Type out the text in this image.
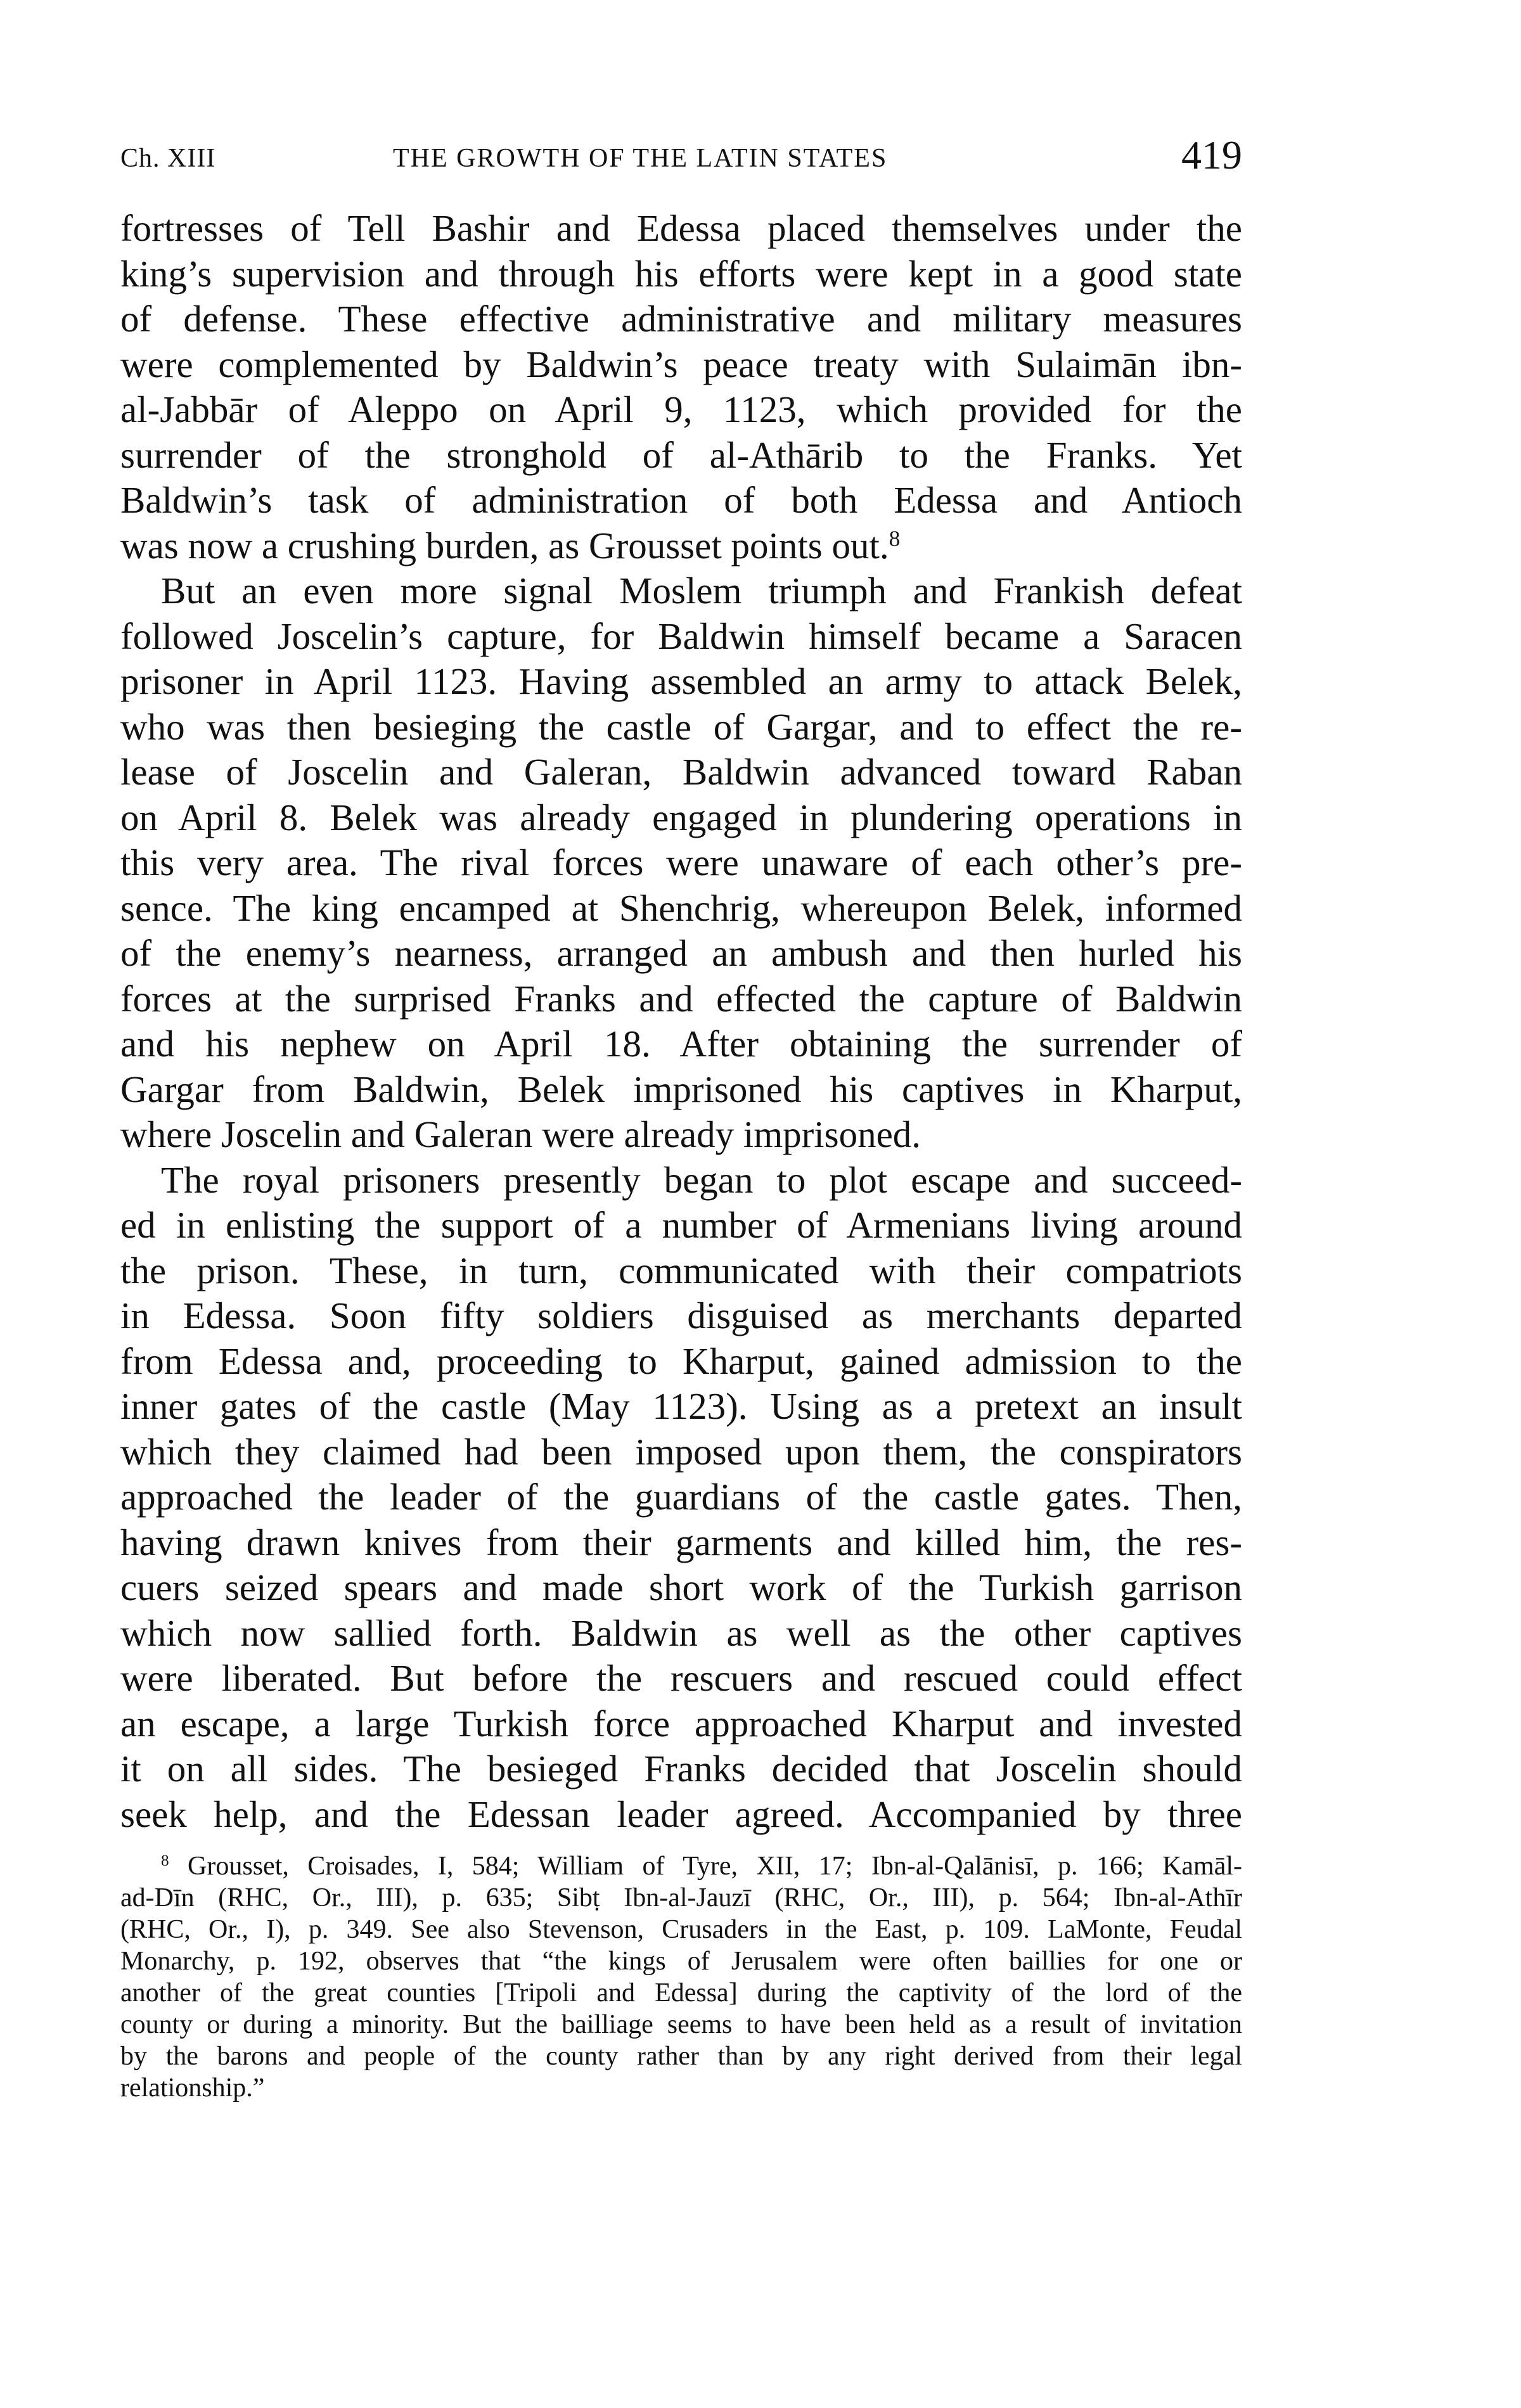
Ch. XIII	THE GROWTH OF THE LATIN STATES	419
fortresses of Tell Bashir and Edessa placed themselves under the
king’s supervision and through his efforts were kept in a good state
of defense. These effective administrative and military measures
were complemented by Baldwin’s peace treaty with Sulaimān ibn-
al-Jabbār of Aleppo on April 9, 1123, which provided for the
surrender of the stronghold of al-Athārib to the Franks. Yet
Baldwin’s task of administration of both Edessa and Antioch
was now a crushing burden, as Grousset points out.$^8$
But an even more signal Moslem triumph and Frankish defeat
followed Joscelin’s capture, for Baldwin himself became a Saracen
prisoner in April 1123. Having assembled an army to attack Belek,
who was then besieging the castle of Gargar, and to effect the re-
lease of Joscelin and Galeran, Baldwin advanced toward Raban
on April 8. Belek was already engaged in plundering operations in
this very area. The rival forces were unaware of each other’s pre-
sence. The king encamped at Shenchrig, whereupon Belek, informed
of the enemy’s nearness, arranged an ambush and then hurled his
forces at the surprised Franks and effected the capture of Baldwin
and his nephew on April 18. After obtaining the surrender of
Gargar from Baldwin, Belek imprisoned his captives in Kharput,
where Joscelin and Galeran were already imprisoned.
The royal prisoners presently began to plot escape and succeed-
ed in enlisting the support of a number of Armenians living around
the prison. These, in turn, communicated with their compatriots
in Edessa. Soon fifty soldiers disguised as merchants departed
from Edessa and, proceeding to Kharput, gained admission to the
inner gates of the castle (May 1123). Using as a pretext an insult
which they claimed had been imposed upon them, the conspirators
approached the leader of the guardians of the castle gates. Then,
having drawn knives from their garments and killed him, the res-
cuers seized spears and made short work of the Turkish garrison
which now sallied forth. Baldwin as well as the other captives
were liberated. But before the rescuers and rescued could effect
an escape, a large Turkish force approached Kharput and invested
it on all sides. The besieged Franks decided that Joscelin should
seek help, and the Edessan leader agreed. Accompanied by three
$^8$ Grousset, Croisades, I, 584; William of Tyre, XII, 17; Ibn-al-Qalānisī, p. 166; Kamāl-
ad-Dīn (RHC, Or., III), p. 635; Sibṭ Ibn-al-Jauzī (RHC, Or., III), p. 564; Ibn-al-Athīr
(RHC, Or., I), p. 349. See also Stevenson, Crusaders in the East, p. 109. LaMonte, Feudal
Monarchy, p. 192, observes that “the kings of Jerusalem were often baillies for one or
another of the great counties [Tripoli and Edessa] during the captivity of the lord of the
county or during a minority. But the bailliage seems to have been held as a result of invitation
by the barons and people of the county rather than by any right derived from their legal
relationship.”
